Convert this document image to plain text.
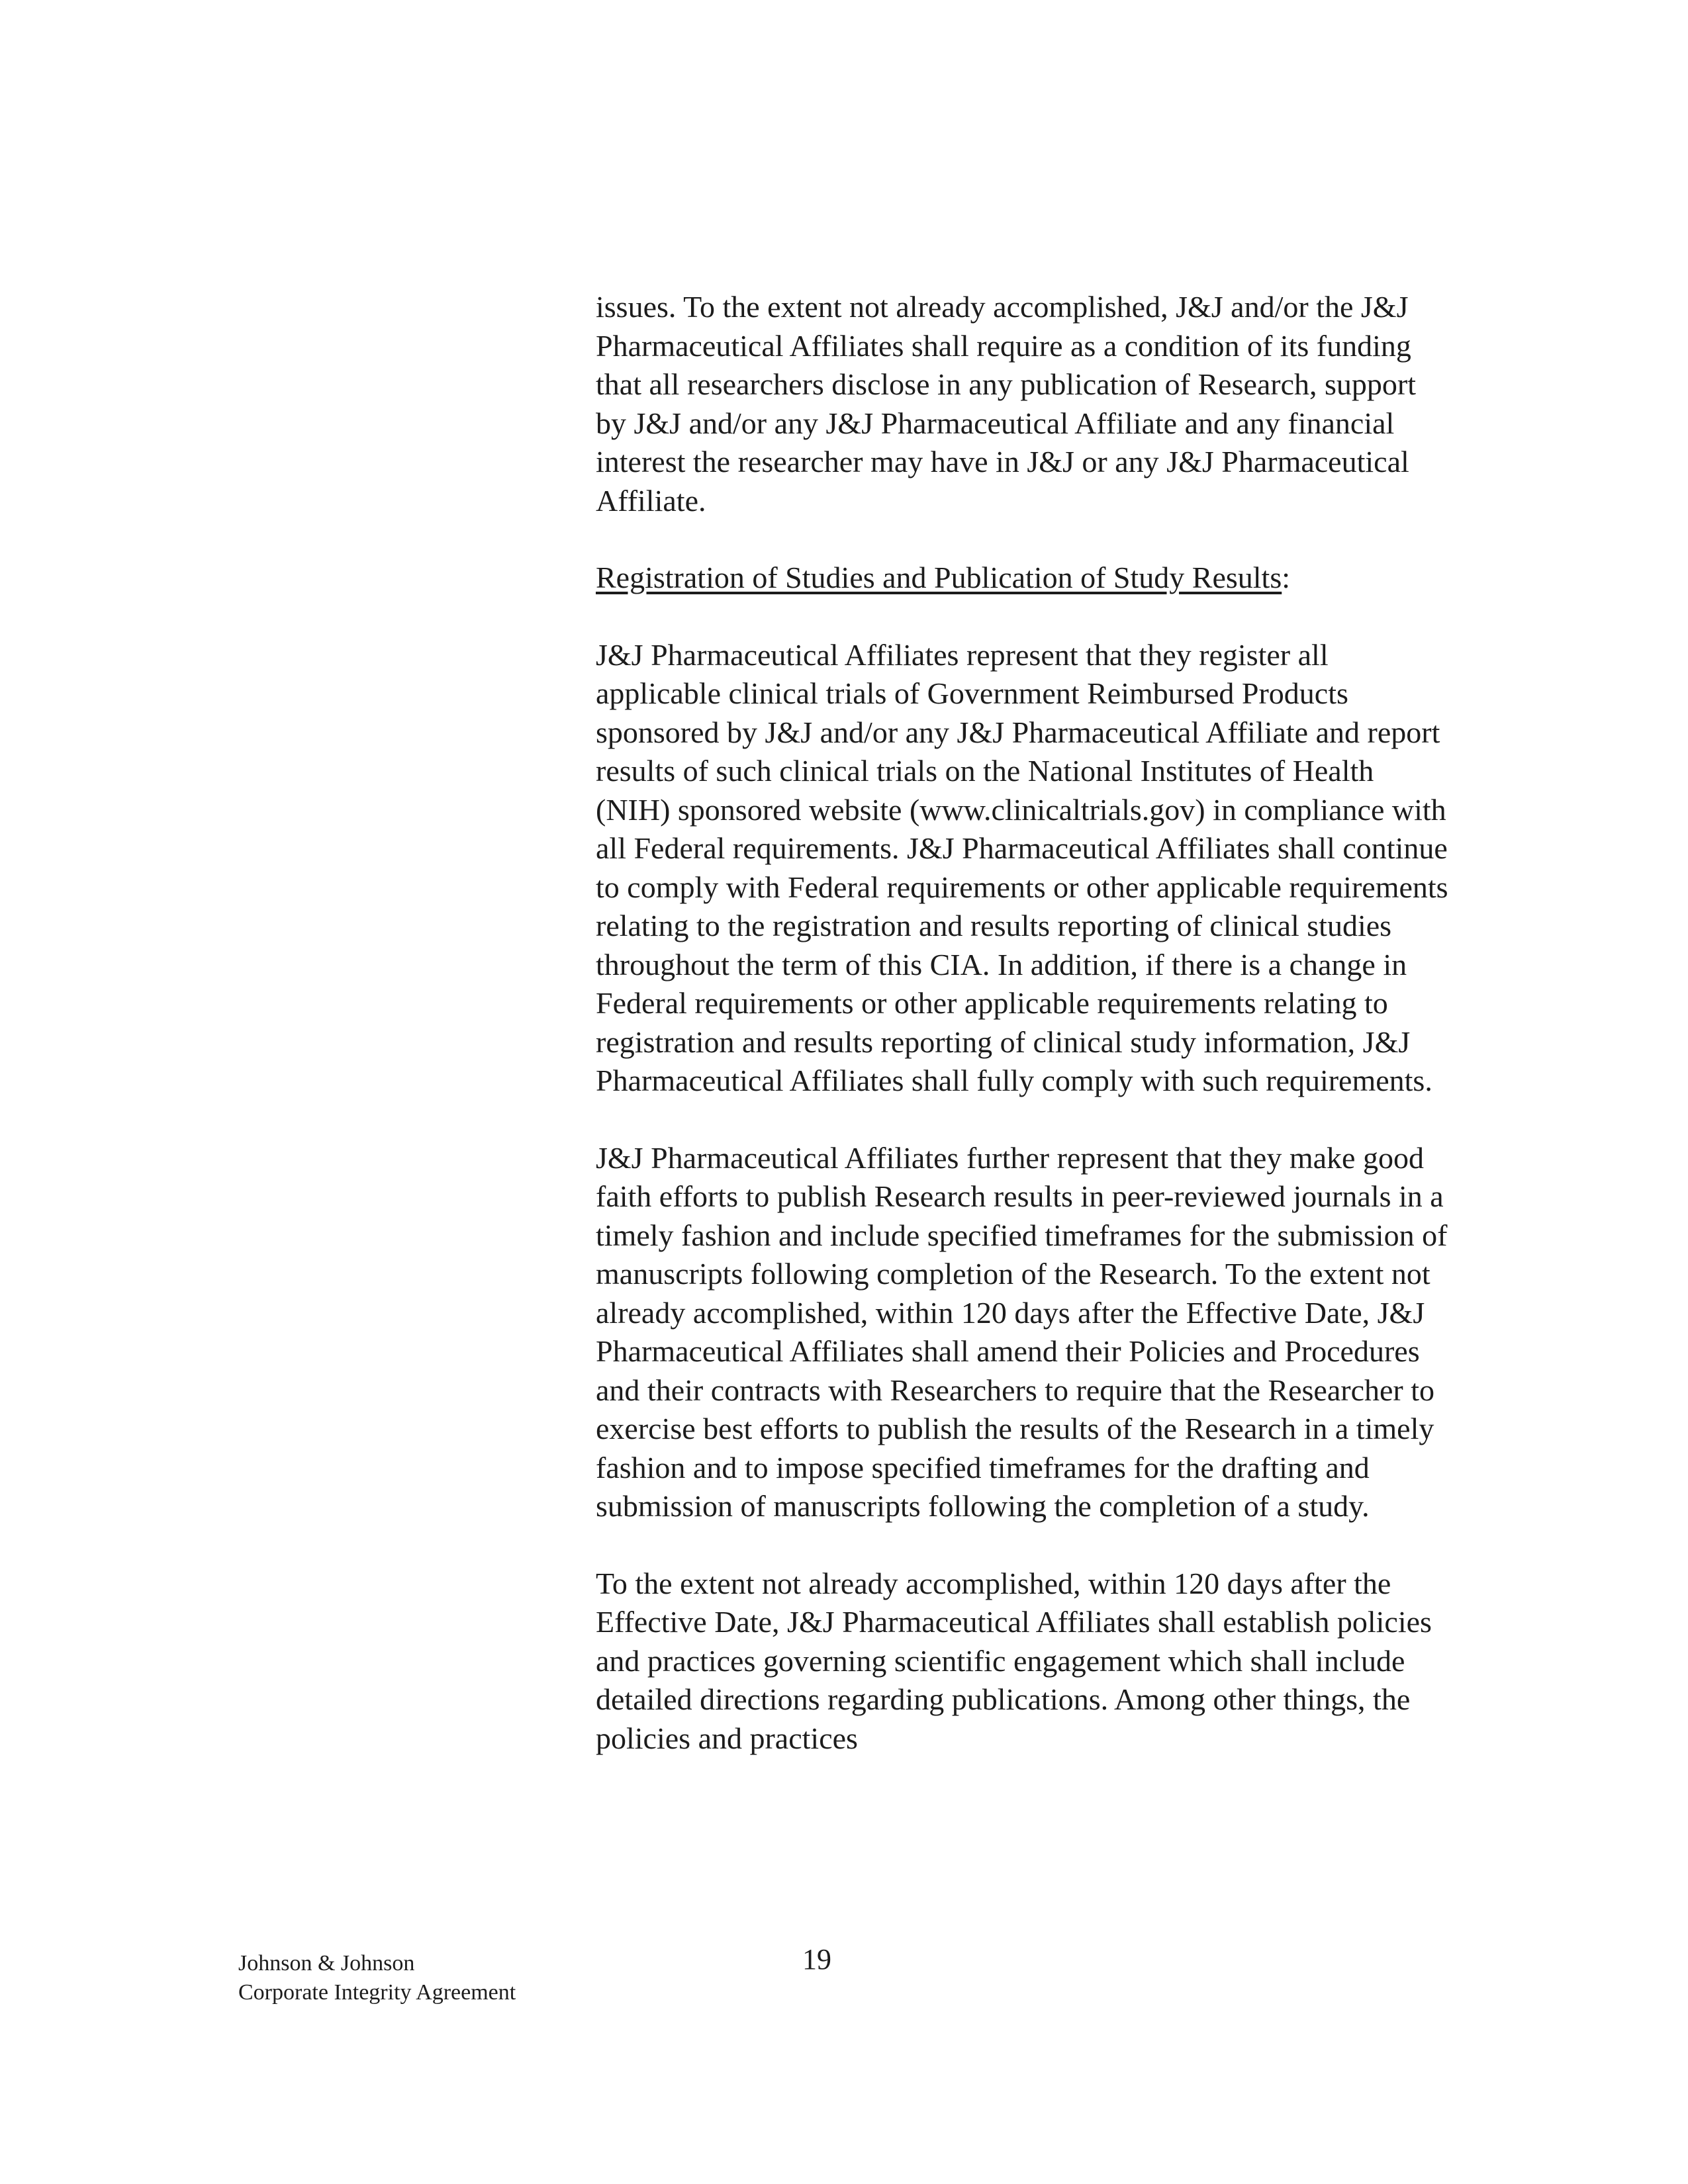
issues. To the extent not already accomplished, J&J and/or the J&J Pharmaceutical Affiliates shall require as a condition of its funding that all researchers disclose in any publication of Research, support by J&J and/or any J&J Pharmaceutical Affiliate and any financial interest the researcher may have in J&J or any J&J Pharmaceutical Affiliate.

Registration of Studies and Publication of Study Results:

J&J Pharmaceutical Affiliates represent that they register all applicable clinical trials of Government Reimbursed Products sponsored by J&J and/or any J&J Pharmaceutical Affiliate and report results of such clinical trials on the National Institutes of Health (NIH) sponsored website (www.clinicaltrials.gov) in compliance with all Federal requirements. J&J Pharmaceutical Affiliates shall continue to comply with Federal requirements or other applicable requirements relating to the registration and results reporting of clinical studies throughout the term of this CIA. In addition, if there is a change in Federal requirements or other applicable requirements relating to registration and results reporting of clinical study information, J&J Pharmaceutical Affiliates shall fully comply with such requirements.

J&J Pharmaceutical Affiliates further represent that they make good faith efforts to publish Research results in peer-reviewed journals in a timely fashion and include specified timeframes for the submission of manuscripts following completion of the Research. To the extent not already accomplished, within 120 days after the Effective Date, J&J Pharmaceutical Affiliates shall amend their Policies and Procedures and their contracts with Researchers to require that the Researcher to exercise best efforts to publish the results of the Research in a timely fashion and to impose specified timeframes for the drafting and submission of manuscripts following the completion of a study.

To the extent not already accomplished, within 120 days after the Effective Date, J&J Pharmaceutical Affiliates shall establish policies and practices governing scientific engagement which shall include detailed directions regarding publications. Among other things, the policies and practices

Johnson & Johnson
Corporate Integrity Agreement
19
